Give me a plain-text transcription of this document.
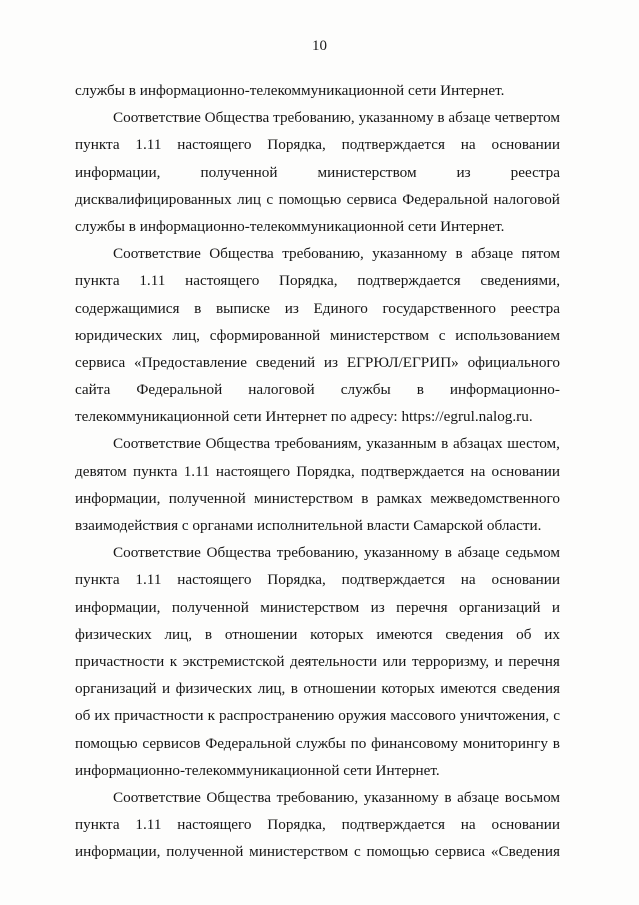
10
службы в информационно-телекоммуникационной сети Интернет.
Соответствие Общества требованию, указанному в абзаце четвертом
пункта 1.11 настоящего Порядка, подтверждается на основании
информации,	полученной	министерством	из	реестра
дисквалифицированных лиц с помощью сервиса Федеральной налоговой
службы в информационно-телекоммуникационной сети Интернет.
Соответствие Общества требованию, указанному в абзаце пятом
пункта 1.11 настоящего Порядка, подтверждается сведениями,
содержащимися в выписке из Единого государственного реестра
юридических лиц, сформированной министерством с использованием
сервиса «Предоставление сведений из ЕГРЮЛ/ЕГРИП» официального
сайта Федеральной налоговой службы в информационно-
телекоммуникационной сети Интернет по адресу: https://egrul.nalog.ru.
Соответствие Общества требованиям, указанным в абзацах шестом,
девятом пункта 1.11 настоящего Порядка, подтверждается на основании
информации, полученной министерством в рамках межведомственного
взаимодействия с органами исполнительной власти Самарской области.
Соответствие Общества требованию, указанному в абзаце седьмом
пункта 1.11 настоящего Порядка, подтверждается на основании
информации, полученной министерством из перечня организаций и
физических лиц, в отношении которых имеются сведения об их
причастности к экстремистской деятельности или терроризму, и перечня
организаций и физических лиц, в отношении которых имеются сведения
об их причастности к распространению оружия массового уничтожения, с
помощью сервисов Федеральной службы по финансовому мониторингу в
информационно-телекоммуникационной сети Интернет.
Соответствие Общества требованию, указанному в абзаце восьмом
пункта 1.11 настоящего Порядка, подтверждается на основании
информации, полученной министерством с помощью сервиса «Сведения
